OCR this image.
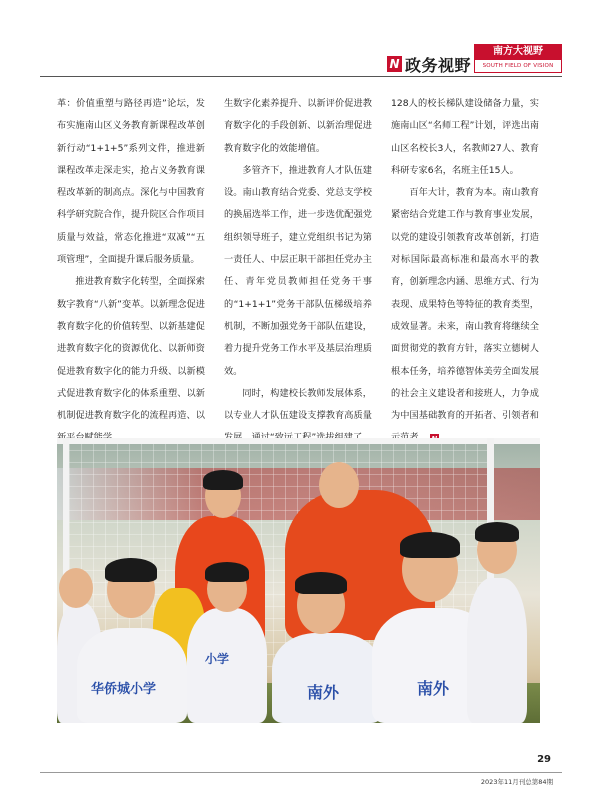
N 政务视野
南方大视野
SOUTH FIELD OF VISION

革：价值重塑与路径再造”论坛，发布实施南山区义务教育新课程改革创新行动“1+1+5”系列文件，推进新课程改革走深走实，抢占义务教育课程改革新的制高点。深化与中国教育科学研究院合作，提升院区合作项目质量与效益，常态化推进“双减”“五项管理”，全面提升课后服务质量。

推进教育数字化转型，全面探索数字教育“八新”变革。以新理念促进教育数字化的价值转型、以新基建促进教育数字化的资源优化、以新师资促进教育数字化的能力升级、以新模式促进教育数字化的体系重塑、以新机制促进教育数字化的流程再造、以

生数字化素养提升、以新评价促进教育数字化的手段创新、以新治理促进教育数字化的效能增值。

多管齐下，推进教育人才队伍建设。南山教育结合党委、党总支学校的换届选举工作，进一步选优配强党组织领导班子，建立党组织书记为第一责任人、中层正职干部担任党办主任、青年党员教师担任党务干事的“1+1+1”党务干部队伍梯级培养机制，不断加强党务干部队伍建设，着力提升党务工作水平及基层治理质效。

同时，构建校长教师发展体系，以专业人才队伍建设支撑教育高质量

128人的校长梯队建设储备力量，实施南山区“名师工程”计划，评选出南山区名校长3人，名教师27人、教育科研专家6名，名班主任15人。

百年大计，教育为本。南山教育紧密结合党建工作与教育事业发展，以党的建设引领教育改革创新，打造对标国际最高标准和最高水平的教育，创新理念内涵、思维方式、行为表现、成果特色等特征的教育类型，成效显著。未来，南山教育将继续全面贯彻党的教育方针，落实立德树人根本任务，培养德智体美劳全面发展的社会主义建设者和接班人，力争成为中国基础教育的开拓者、引领者和

华侨城小学
小学
南外	南外
29
2023年11月刊总第84期
